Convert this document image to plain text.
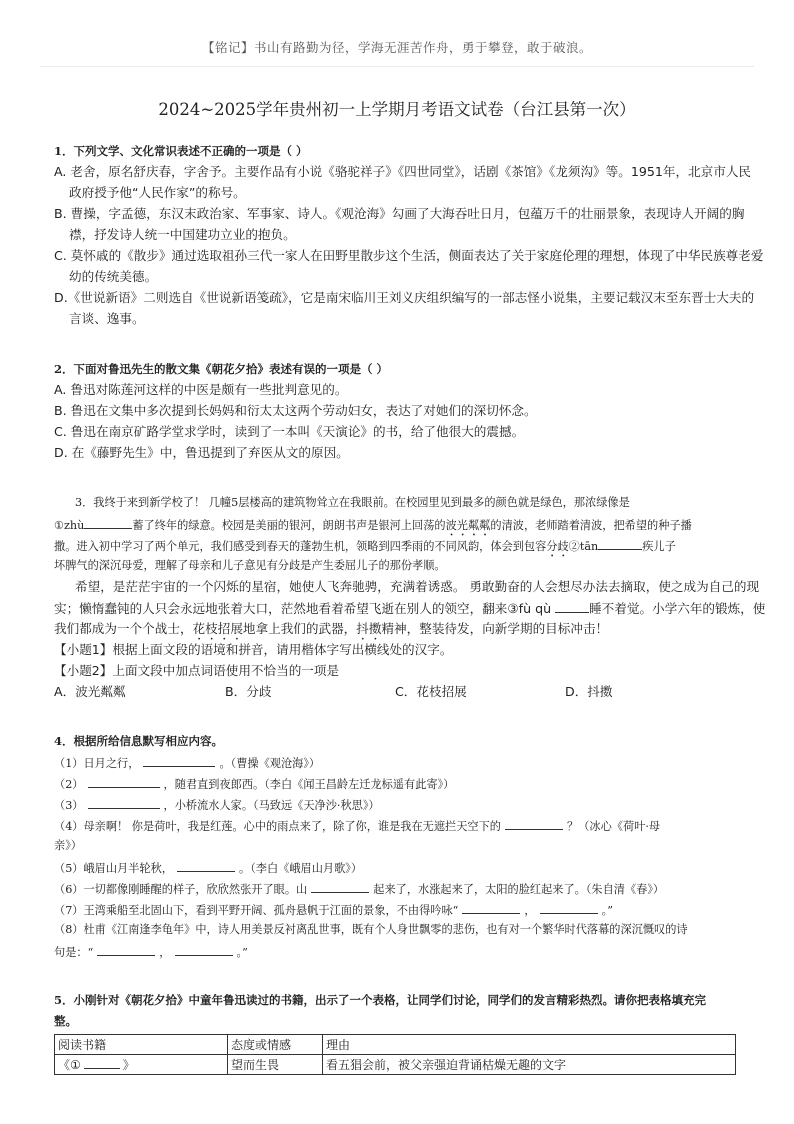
【铭记】书山有路勤为径，学海无涯苦作舟，勇于攀登，敢于破浪。
2024~2025学年贵州初一上学期月考语文试卷（台江县第一次）
1．下列文学、文化常识表述不正确的一项是（ ）
A. 老舍，原名舒庆春，字舍予。主要作品有小说《骆驼祥子》《四世同堂》，话剧《茶馆》《龙须沟》等。1951年，北京市人民
政府授予他“人民作家”的称号。
B. 曹操，字孟德，东汉末政治家、军事家、诗人。《观沧海》勾画了大海吞吐日月，包蕴万千的壮丽景象，表现诗人开阔的胸
襟，抒发诗人统一中国建功立业的抱负。
C. 莫怀戚的《散步》通过选取祖孙三代一家人在田野里散步这个生活，侧面表达了关于家庭伦理的理想，体现了中华民族尊老爱
幼的传统美德。
D.《世说新语》二则选自《世说新语笺疏》，它是南宋临川王刘义庆组织编写的一部志怪小说集，主要记载汉末至东晋士大夫的
言谈、逸事。
2．下面对鲁迅先生的散文集《朝花夕拾》表述有误的一项是（ ）
A. 鲁迅对陈莲河这样的中医是颇有一些批判意见的。
B. 鲁迅在文集中多次提到长妈妈和衍太太这两个劳动妇女，表达了对她们的深切怀念。
C. 鲁迅在南京矿路学堂求学时，读到了一本叫《天演论》的书，给了他很大的震撼。
D. 在《藤野先生》中，鲁迅提到了弃医从文的原因。
3．我终于来到新学校了！ 几幢5层楼高的建筑物耸立在我眼前。在校园里见到最多的颜色就是绿色，那浓绿像是
①zhù	蓄了终年的绿意。校园是美丽的银河，朗朗书声是银河上回荡的波光粼粼的清波，老师踏着清波，把希望的种子播
撒。进入初中学习了两个单元，我们感受到春天的蓬勃生机，领略到四季雨的不同风韵，体会到包容分歧②tān	疾儿子
坏脾气的深沉母爱，理解了母亲和儿子意见有分歧是产生委屈儿子的那份孝顺。
希望，是茫茫宇宙的一个闪烁的星宿，她使人飞奔驰骋，充满着诱惑。 勇敢勤奋的人会想尽办法去摘取，使之成为自己的现
实；懒惰蠢钝的人只会永远地张着大口，茫然地看着希望飞逝在别人的领空，翻来③fù qù	睡不着觉。小学六年的锻炼，使
我们都成为一个个战士，花枝招展地拿上我们的武器，抖擞精神，整装待发，向新学期的目标冲击！
【小题1】根据上面文段的语境和拼音，请用楷体字写出横线处的汉字。
【小题2】上面文段中加点词语使用不恰当的一项是
A．波光粼粼	B．分歧	C．花枝招展	D．抖擞
4．根据所给信息默写相应内容。
（1）日月之行，	。（曹操《观沧海》）
（2）	，随君直到夜郎西。（李白《闻王昌龄左迁龙标遥有此寄》）
（3）	，小桥流水人家。（马致远《天净沙·秋思》）
（4）母亲啊！ 你是荷叶，我是红莲。心中的雨点来了，除了你，谁是我在无遮拦天空下的	？（冰心《荷叶·母
亲》）
（5）峨眉山月半轮秋，	。（李白《峨眉山月歌》）
（6）一切都像刚睡醒的样子，欣欣然张开了眼。山	起来了，水涨起来了，太阳的脸红起来了。（朱自清《春》）
（7）王湾乘船至北固山下，看到平野开阔、孤舟悬帆于江面的景象，不由得吟咏“	，	。”
（8）杜甫《江南逢李龟年》中，诗人用美景反衬离乱世事，既有个人身世飘零的悲伤，也有对一个繁华时代落幕的深沉慨叹的诗
句是：“	，	。”
5．小刚针对《朝花夕拾》中童年鲁迅读过的书籍，出示了一个表格，让同学们讨论，同学们的发言精彩热烈。请你把表格填充完
整。
阅读书籍	态度或情感	理由
《① 》	望而生畏	看五猖会前，被父亲强迫背诵枯燥无趣的文字
